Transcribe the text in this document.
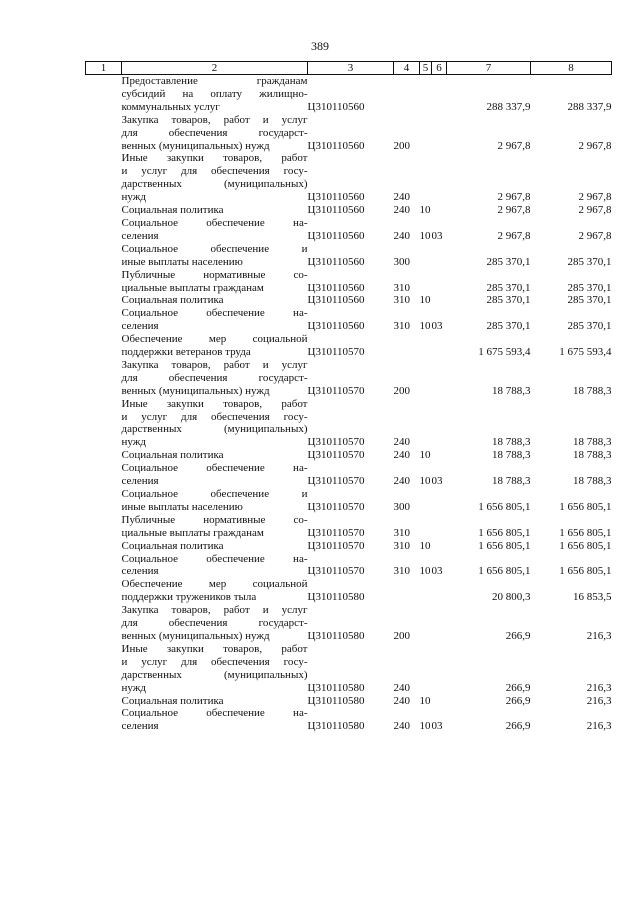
389
1	2	3	4	5	6	7	8

	Предоставление гражданам
субсидий на оплату жилищно-
коммунальных услуг	Ц310110560				288 337,9	288 337,9

	Закупка товаров, работ и услуг
для обеспечения государст-
венных (муниципальных) нужд	Ц310110560	200			2 967,8	2 967,8

	Иные закупки товаров, работ
и услуг для обеспечения госу-
дарственных (муниципальных)
нужд	Ц310110560	240			2 967,8	2 967,8

	Социальная политика	Ц310110560	240	10		2 967,8	2 967,8

	Социальное обеспечение на-
селения	Ц310110560	240	10	03	2 967,8	2 967,8

	Социальное обеспечение и
иные выплаты населению	Ц310110560	300			285 370,1	285 370,1

	Публичные нормативные со-
циальные выплаты гражданам	Ц310110560	310			285 370,1	285 370,1

	Социальная политика	Ц310110560	310	10		285 370,1	285 370,1

	Социальное обеспечение на-
селения	Ц310110560	310	10	03	285 370,1	285 370,1

	Обеспечение мер социальной
поддержки ветеранов труда	Ц310110570				1 675 593,4	1 675 593,4

	Закупка товаров, работ и услуг
для обеспечения государст-
венных (муниципальных) нужд	Ц310110570	200			18 788,3	18 788,3

	Иные закупки товаров, работ
и услуг для обеспечения госу-
дарственных (муниципальных)
нужд	Ц310110570	240			18 788,3	18 788,3

	Социальная политика	Ц310110570	240	10		18 788,3	18 788,3

	Социальное обеспечение на-
селения	Ц310110570	240	10	03	18 788,3	18 788,3

	Социальное обеспечение и
иные выплаты населению	Ц310110570	300			1 656 805,1	1 656 805,1

	Публичные нормативные со-
циальные выплаты гражданам	Ц310110570	310			1 656 805,1	1 656 805,1

	Социальная политика	Ц310110570	310	10		1 656 805,1	1 656 805,1

	Социальное обеспечение на-
селения	Ц310110570	310	10	03	1 656 805,1	1 656 805,1

	Обеспечение мер социальной
поддержки тружеников тыла	Ц310110580				20 800,3	16 853,5

	Закупка товаров, работ и услуг
для обеспечения государст-
венных (муниципальных) нужд	Ц310110580	200			266,9	216,3

	Иные закупки товаров, работ
и услуг для обеспечения госу-
дарственных (муниципальных)
нужд	Ц310110580	240			266,9	216,3

	Социальная политика	Ц310110580	240	10		266,9	216,3

	Социальное обеспечение на-
селения	Ц310110580	240	10	03	266,9	216,3
